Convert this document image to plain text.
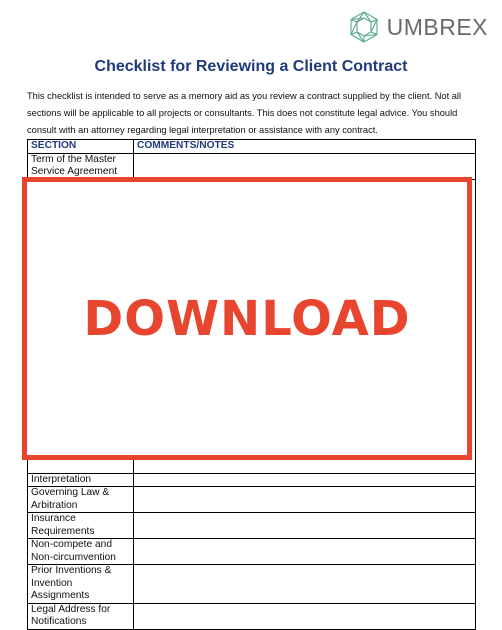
UMBREX
Checklist for Reviewing a Client Contract
This checklist is intended to serve as a memory aid as you review a contract supplied by the client. Not all sections will be applicable to all projects or consultants. This does not constitute legal advice. You should consult with an attorney regarding legal interpretation or assistance with any contract.
SECTION	COMMENTS/NOTES
Term of the Master Service Agreement	

Interpretation	
Governing Law & Arbitration	
Insurance Requirements	
Non-compete and Non-circumvention	
Prior Inventions & Invention Assignments	
Legal Address for Notifications	
DOWNLOAD
